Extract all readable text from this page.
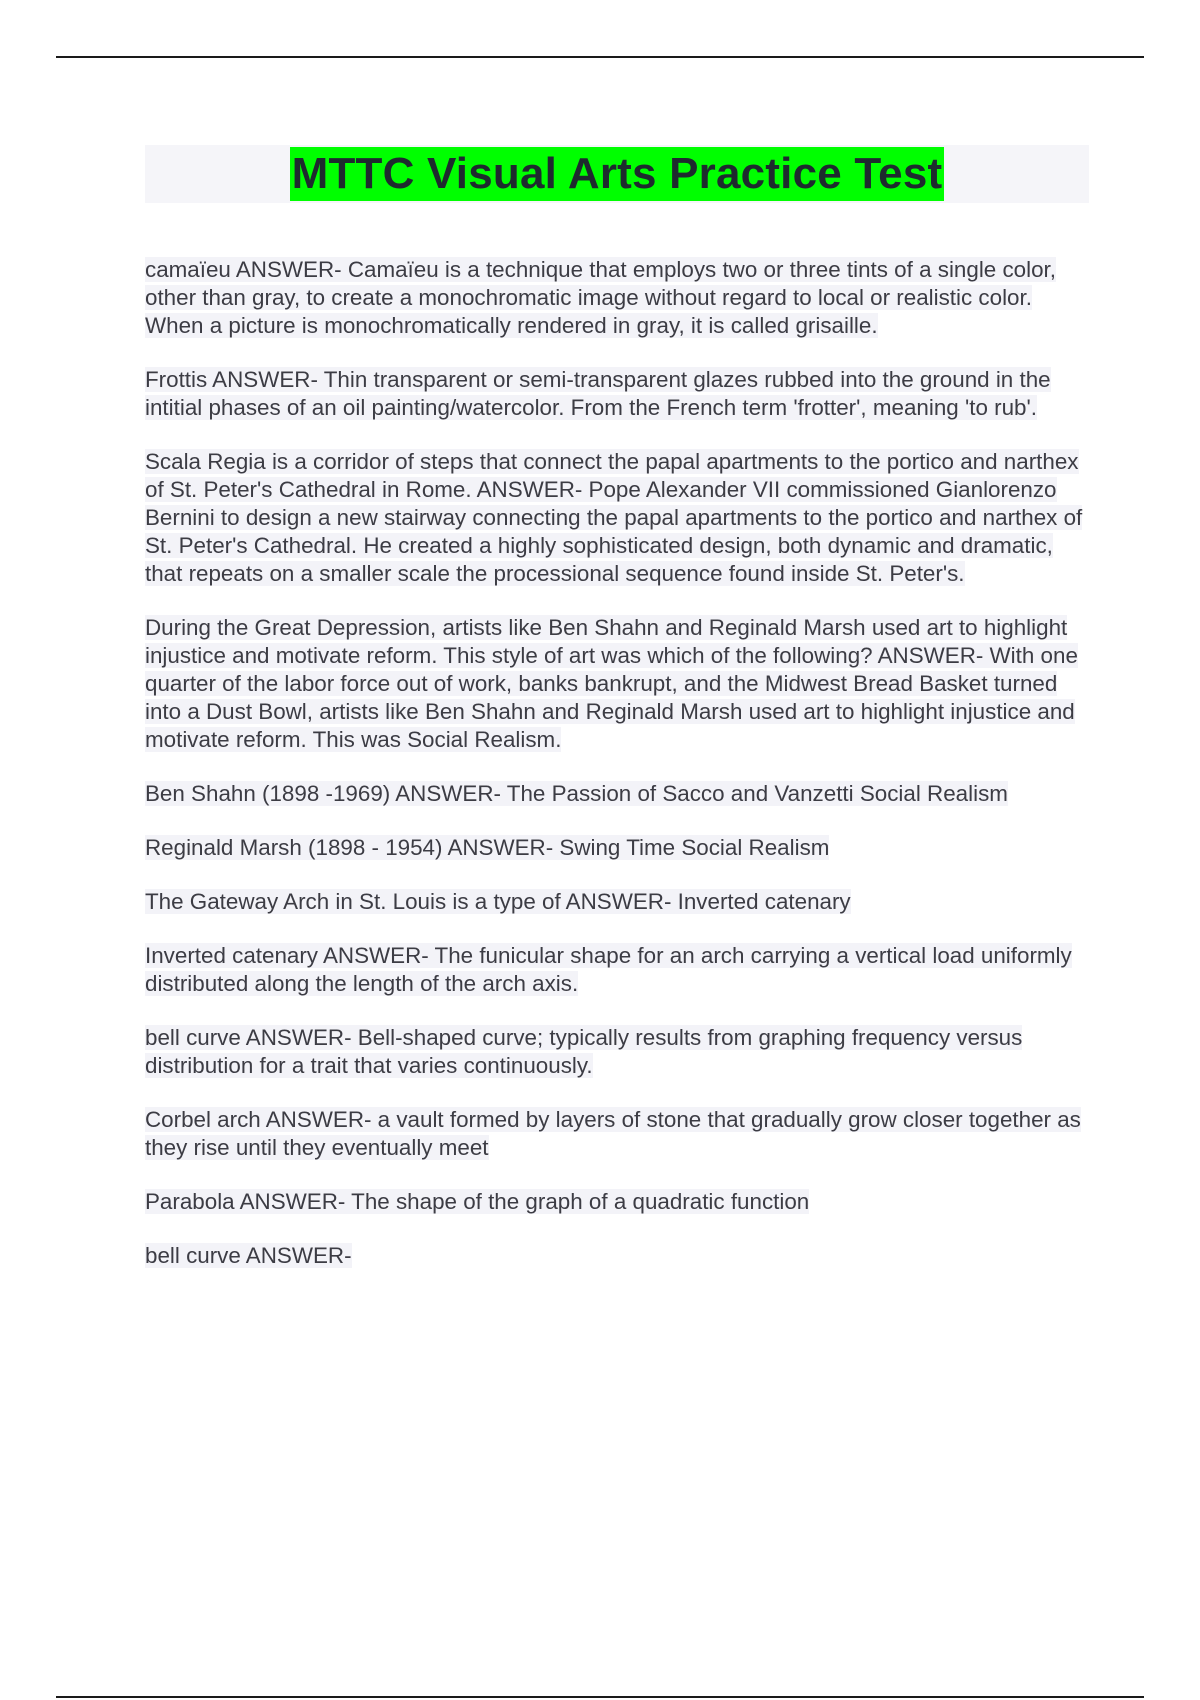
MTTC Visual Arts Practice Test

camaïeu ANSWER- Camaïeu is a technique that employs two or three tints of a single color, other than gray, to create a monochromatic image without regard to local or realistic color. When a picture is monochromatically rendered in gray, it is called grisaille.

Frottis ANSWER- Thin transparent or semi-transparent glazes rubbed into the ground in the intitial phases of an oil painting/watercolor. From the French term 'frotter', meaning 'to rub'.

Scala Regia is a corridor of steps that connect the papal apartments to the portico and narthex of St. Peter's Cathedral in Rome. ANSWER- Pope Alexander VII commissioned Gianlorenzo Bernini to design a new stairway connecting the papal apartments to the portico and narthex of St. Peter's Cathedral. He created a highly sophisticated design, both dynamic and dramatic, that repeats on a smaller scale the processional sequence found inside St. Peter's.

During the Great Depression, artists like Ben Shahn and Reginald Marsh used art to highlight injustice and motivate reform. This style of art was which of the following? ANSWER- With one quarter of the labor force out of work, banks bankrupt, and the Midwest Bread Basket turned into a Dust Bowl, artists like Ben Shahn and Reginald Marsh used art to highlight injustice and motivate reform. This was Social Realism.

Ben Shahn (1898 -1969) ANSWER- The Passion of Sacco and Vanzetti Social Realism

Reginald Marsh (1898 - 1954) ANSWER- Swing Time Social Realism

The Gateway Arch in St. Louis is a type of ANSWER- Inverted catenary

Inverted catenary ANSWER- The funicular shape for an arch carrying a vertical load uniformly distributed along the length of the arch axis.

bell curve ANSWER- Bell-shaped curve; typically results from graphing frequency versus distribution for a trait that varies continuously.

Corbel arch ANSWER- a vault formed by layers of stone that gradually grow closer together as they rise until they eventually meet

Parabola ANSWER- The shape of the graph of a quadratic function

bell curve ANSWER-
